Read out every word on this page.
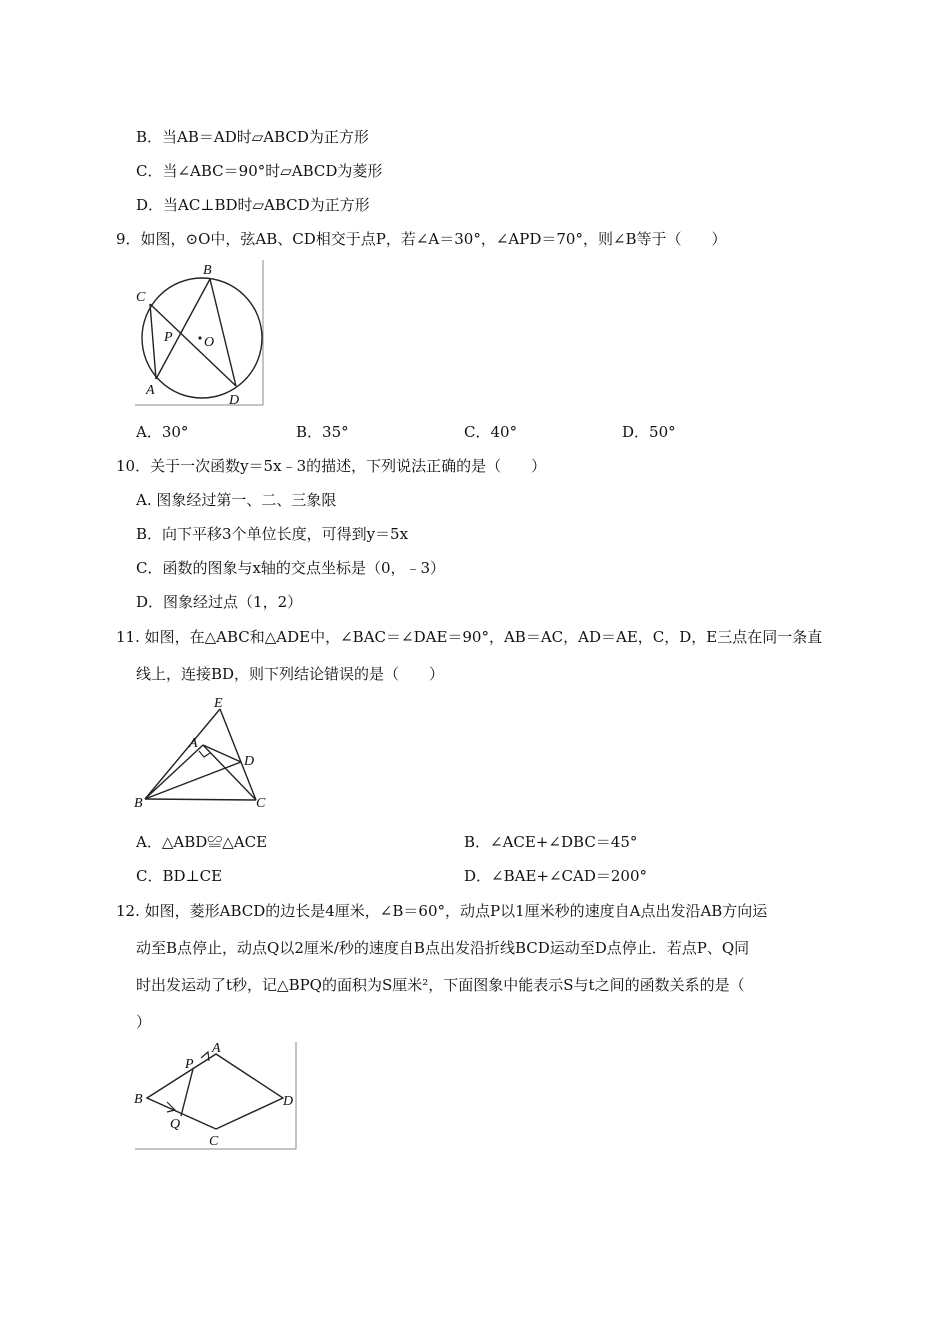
B．当AB＝AD时▱ABCD为正方形
C．当∠ABC＝90°时▱ABCD为菱形
D．当AC⊥BD时▱ABCD为正方形
9．如图，⊙O中，弦AB、CD相交于点P，若∠A＝30°，∠APD＝70°，则∠B等于（　　）
B
C
P O
A
D
A．30°	B．35°	C．40°	D．50°
10．关于一次函数y＝5x﹣3的描述，下列说法正确的是（　　）
A. 图象经过第一、二、三象限
B．向下平移3个单位长度，可得到y＝5x
C．函数的图象与x轴的交点坐标是（0，﹣3）
D．图象经过点（1，2）
11. 如图，在△ABC和△ADE中，∠BAC＝∠DAE＝90°，AB＝AC，AD＝AE，C，D，E三点在同一条直
线上，连接BD，则下列结论错误的是（　　）
E
A
D
B	C
A．△ABD≌△ACE	B．∠ACE+∠DBC＝45°
C．BD⊥CE	D．∠BAE+∠CAD＝200°
12. 如图，菱形ABCD的边长是4厘米，∠B＝60°，动点P以1厘米秒的速度自A点出发沿AB方向运
动至B点停止，动点Q以2厘米/秒的速度自B点出发沿折线BCD运动至D点停止．若点P、Q同
时出发运动了t秒，记△BPQ的面积为S厘米²，下面图象中能表示S与t之间的函数关系的是（
）
P
A
B	D
Q
C
